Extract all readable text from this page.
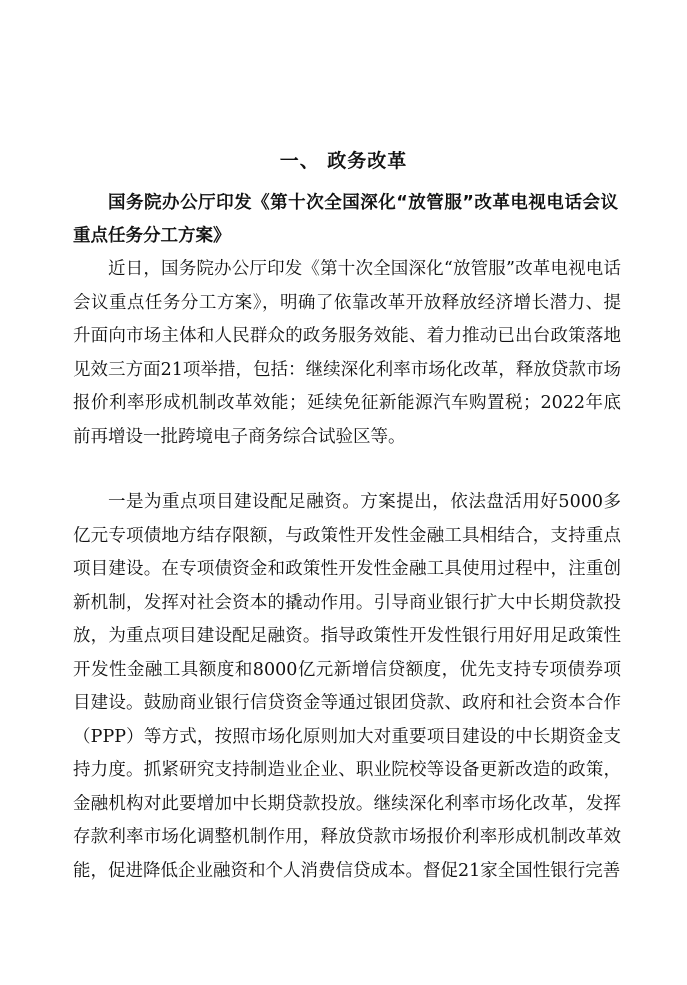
一、 政务改革

国务院办公厅印发《第十次全国深化“放管服”改革电视电话会议重点任务分工方案》

近日，国务院办公厅印发《第十次全国深化“放管服”改革电视电话会议重点任务分工方案》，明确了依靠改革开放释放经济增长潜力、提升面向市场主体和人民群众的政务服务效能、着力推动已出台政策落地见效三方面21项举措，包括：继续深化利率市场化改革，释放贷款市场报价利率形成机制改革效能；延续免征新能源汽车购置税；2022年底前再增设一批跨境电子商务综合试验区等。

一是为重点项目建设配足融资。方案提出，依法盘活用好5000多亿元专项债地方结存限额，与政策性开发性金融工具相结合，支持重点项目建设。在专项债资金和政策性开发性金融工具使用过程中，注重创新机制，发挥对社会资本的撬动作用。引导商业银行扩大中长期贷款投放，为重点项目建设配足融资。指导政策性开发性银行用好用足政策性开发性金融工具额度和8000亿元新增信贷额度，优先支持专项债券项目建设。鼓励商业银行信贷资金等通过银团贷款、政府和社会资本合作（PPP）等方式，按照市场化原则加大对重要项目建设的中长期资金支持力度。抓紧研究支持制造业企业、职业院校等设备更新改造的政策，金融机构对此要增加中长期贷款投放。继续深化利率市场化改革，发挥存款利率市场化调整机制作用，释放贷款市场报价利率形成机制改革效能，促进降低企业融资和个人消费信贷成本。督促21家全国性银行完善
